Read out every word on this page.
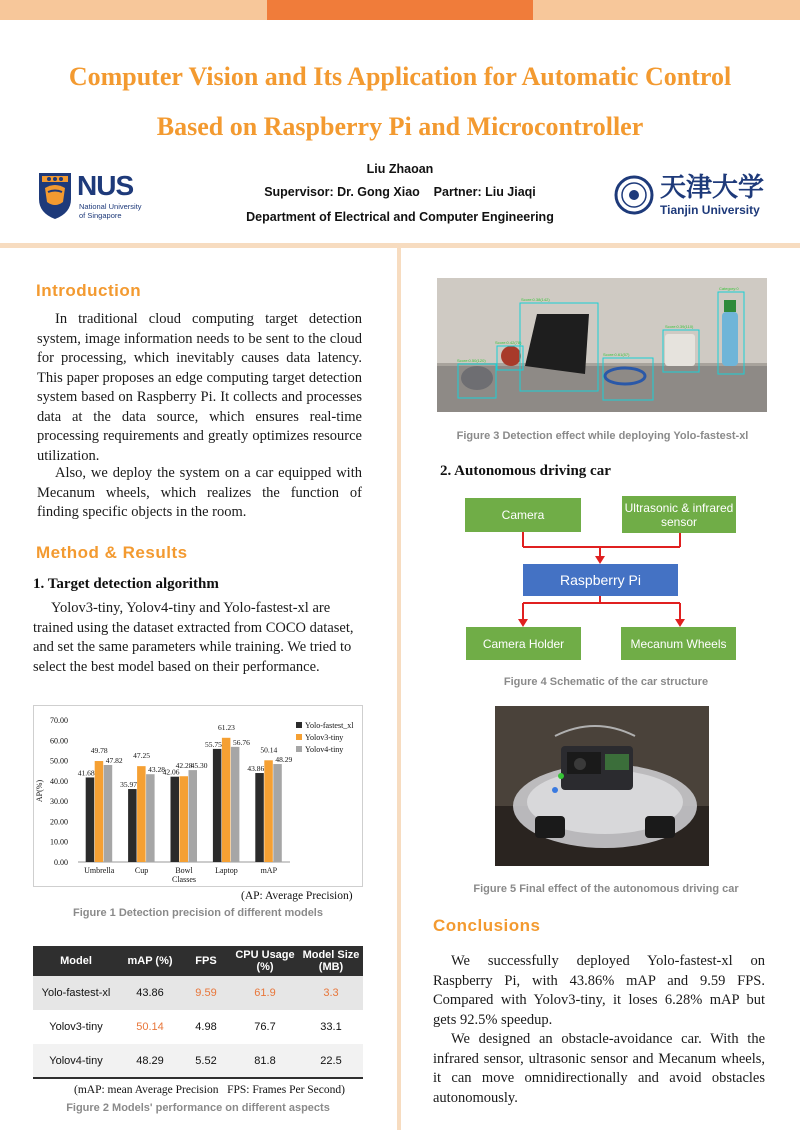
Computer Vision and Its Application for Automatic Control
Based on Raspberry Pi and Microcontroller
Liu Zhaoan
Supervisor: Dr. Gong Xiao    Partner: Liu Jiaqi
Department of Electrical and Computer Engineering
NUS
National University
of Singapore
天津大学
Tianjin University
Introduction

In traditional cloud computing target detection system, image information needs to be sent to the cloud for processing, which inevitably causes data latency. This paper proposes an edge computing target detection system based on Raspberry Pi. It collects and processes data at the data source, which ensures real-time processing requirements and greatly optimizes resource utilization.

Also, we deploy the system on a car equipped with Mecanum wheels, which realizes the function of finding specific objects in the room.

Method & Results
1. Target detection algorithm

Yolov3-tiny, Yolov4-tiny and Yolo-fastest-xl are trained using the dataset extracted from COCO dataset, and set the same parameters while training. We tried to select the best model based on their performance.

0.00
10.00
20.00
30.00
40.00
50.00
60.00
70.00
AP(%)
41.68
49.78
47.82
Umbrella
35.97
47.25
43.28
Cup
42.06
42.28
45.30
Bowl
Classes
55.75
61.23
56.76
Laptop
43.86
50.14
48.29
mAP
Yolo-fastest_xl
Yolov3-tiny
Yolov4-tiny
(AP: Average Precision)
Figure 1 Detection precision of different models
Model	mAP (%)	FPS	CPU Usage (%)	Model Size (MB)
Yolo-fastest-xl	43.86	9.59	61.9	3.3
Yolov3-tiny	50.14	4.98	76.7	33.1
Yolov4-tiny	48.29	5.52	81.8	22.5
(mAP: mean Average Precision   FPS: Frames Per Second)
Figure 2 Models' performance on different aspects
Score:0.50(120)
Score:0.42(78)
Score:0.38(142)
Score:0.61(57)
Score:0.39(110)
Category:0
Figure 3 Detection effect while deploying Yolo-fastest-xl
2. Autonomous driving car
Camera
Ultrasonic & infrared sensor
Raspberry Pi
Camera Holder	Mecanum Wheels
Figure 4 Schematic of the car structure
Figure 5 Final effect of the autonomous driving car
Conclusions

We successfully deployed Yolo-fastest-xl on Raspberry Pi, with 43.86% mAP and 9.59 FPS. Compared with Yolov3-tiny, it loses 6.28% mAP but gets 92.5% speedup.

We designed an obstacle-avoidance car. With the infrared sensor, ultrasonic sensor and Mecanum wheels, it can move omnidirectionally and avoid obstacles autonomously.
